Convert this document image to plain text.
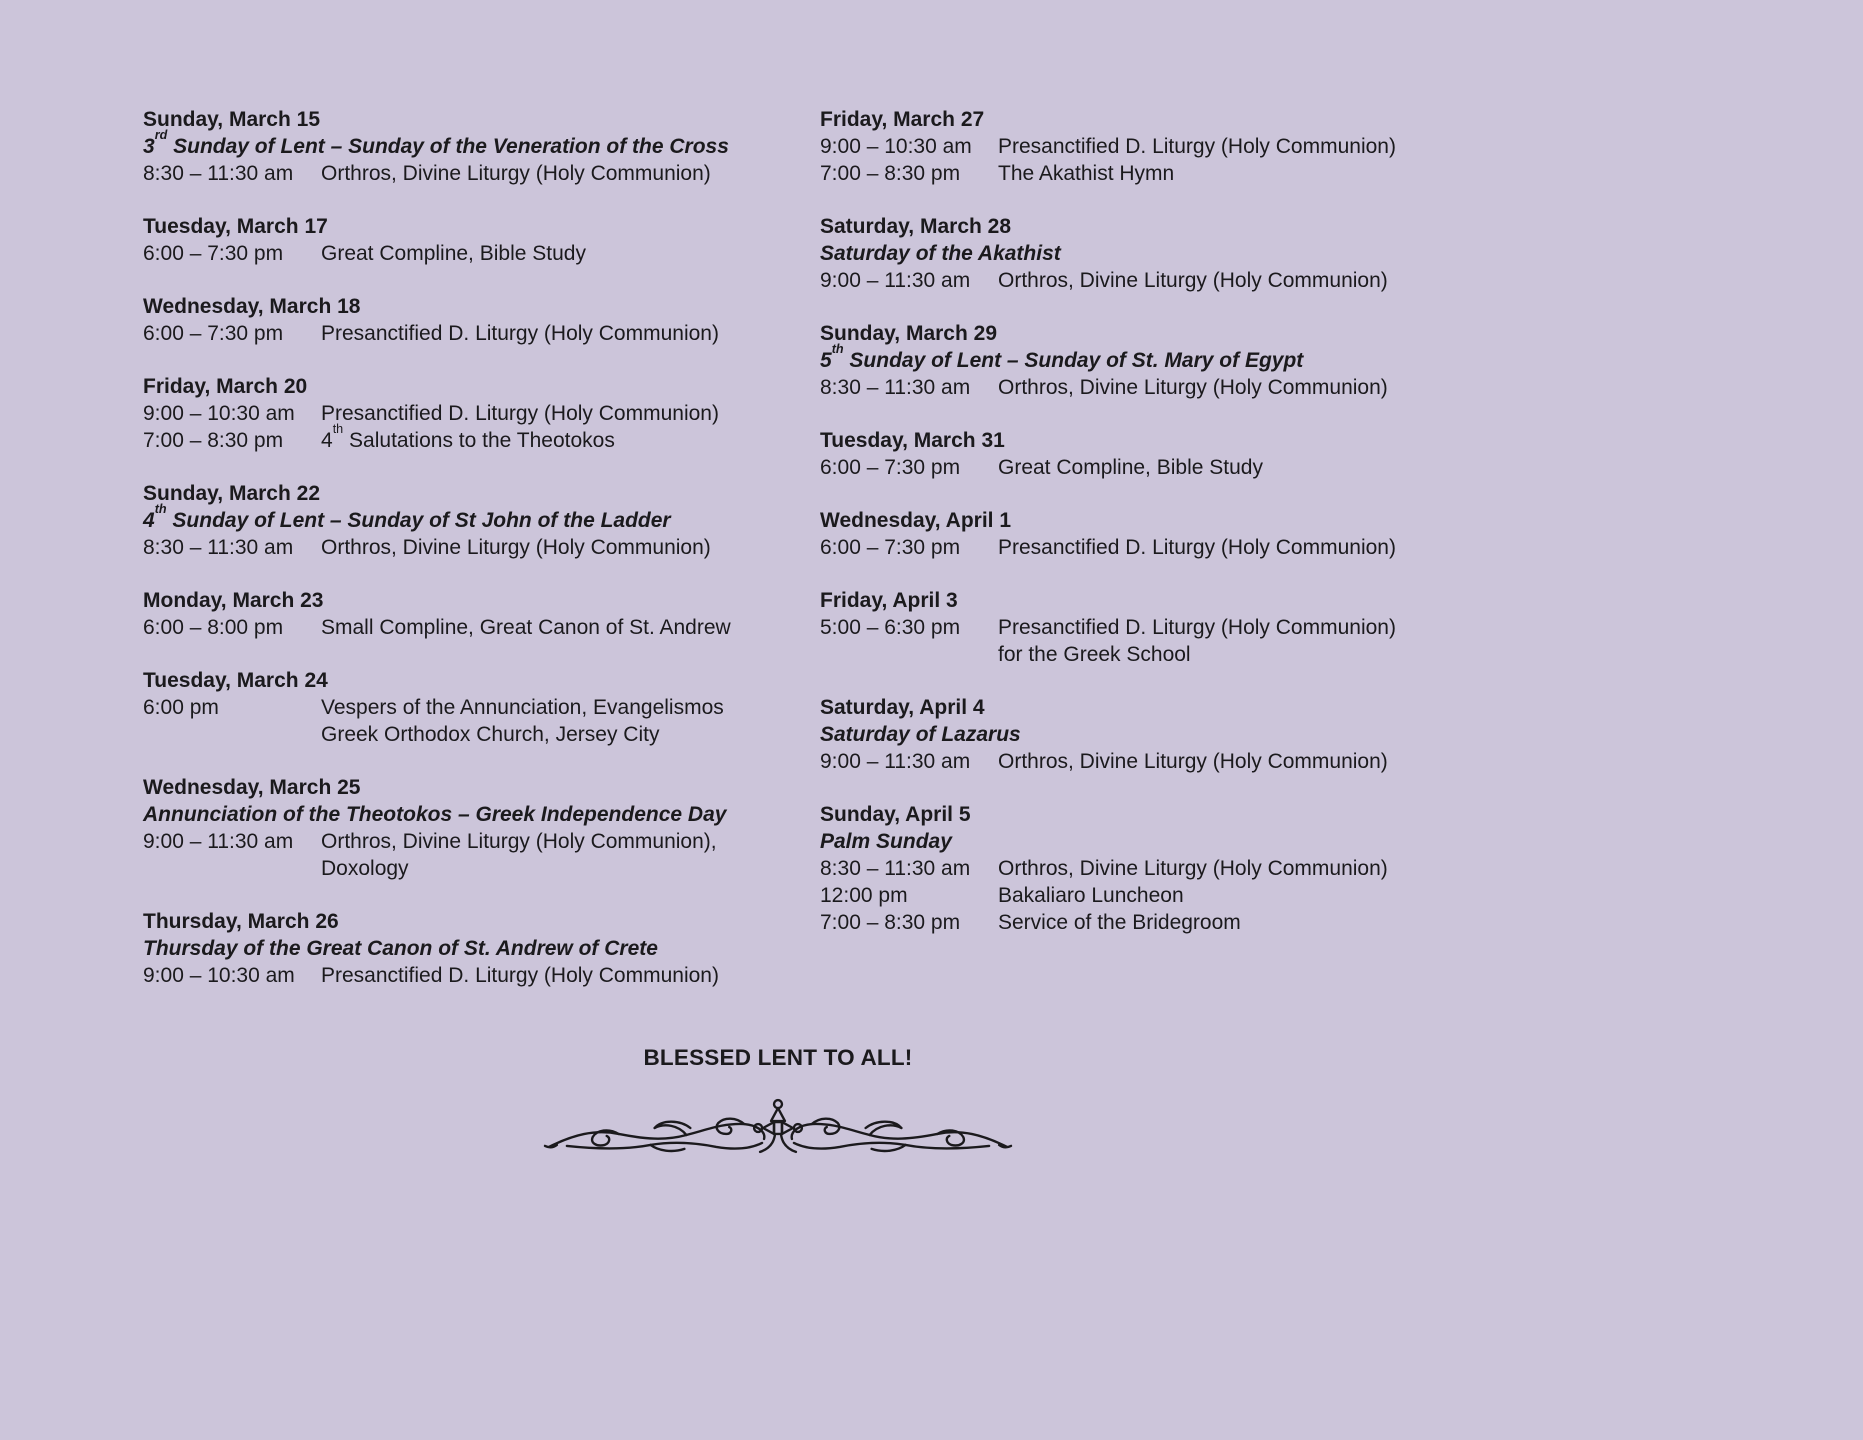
Sunday, March 15
3rd Sunday of Lent – Sunday of the Veneration of the Cross
8:30 – 11:30 am	Orthros, Divine Liturgy (Holy Communion)
Tuesday, March 17
6:00 – 7:30 pm	Great Compline, Bible Study
Wednesday, March 18
6:00 – 7:30 pm	Presanctified D. Liturgy (Holy Communion)
Friday, March 20
9:00 – 10:30 am	Presanctified D. Liturgy (Holy Communion)
7:00 – 8:30 pm	4th Salutations to the Theotokos
Sunday, March 22
4th Sunday of Lent – Sunday of St John of the Ladder
8:30 – 11:30 am	Orthros, Divine Liturgy (Holy Communion)
Monday, March 23
6:00 – 8:00 pm	Small Compline, Great Canon of St. Andrew
Tuesday, March 24
6:00 pm	Vespers of the Annunciation, Evangelismos
Greek Orthodox Church, Jersey City
Wednesday, March 25
Annunciation of the Theotokos – Greek Independence Day
9:00 – 11:30 am	Orthros, Divine Liturgy (Holy Communion),
Doxology
Thursday, March 26
Thursday of the Great Canon of St. Andrew of Crete
9:00 – 10:30 am	Presanctified D. Liturgy (Holy Communion)
Friday, March 27
9:00 – 10:30 am	Presanctified D. Liturgy (Holy Communion)
7:00 – 8:30 pm	The Akathist Hymn
Saturday, March 28
Saturday of the Akathist
9:00 – 11:30 am	Orthros, Divine Liturgy (Holy Communion)
Sunday, March 29
5th Sunday of Lent – Sunday of St. Mary of Egypt
8:30 – 11:30 am	Orthros, Divine Liturgy (Holy Communion)
Tuesday, March 31
6:00 – 7:30 pm	Great Compline, Bible Study
Wednesday, April 1
6:00 – 7:30 pm	Presanctified D. Liturgy (Holy Communion)
Friday, April 3
5:00 – 6:30 pm	Presanctified D. Liturgy (Holy Communion)
for the Greek School
Saturday, April 4
Saturday of Lazarus
9:00 – 11:30 am	Orthros, Divine Liturgy (Holy Communion)
Sunday, April 5
Palm Sunday
8:30 – 11:30 am	Orthros, Divine Liturgy (Holy Communion)
12:00 pm	Bakaliaro Luncheon
7:00 – 8:30 pm	Service of the Bridegroom
BLESSED LENT TO ALL!
